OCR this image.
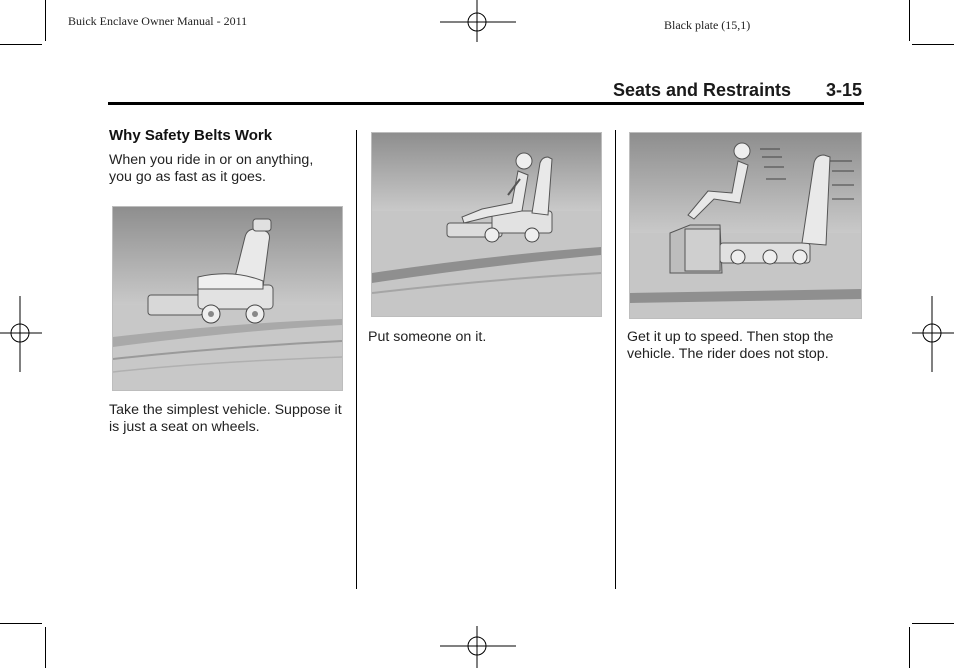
Buick Enclave Owner Manual - 2011	Black plate (15,1)
Seats and Restraints 3-15
Why Safety Belts Work
When you ride in or on anything, you go as fast as it goes.
Take the simplest vehicle. Suppose it is just a seat on wheels.
Put someone on it.	Get it up to speed. Then stop the vehicle. The rider does not stop.
